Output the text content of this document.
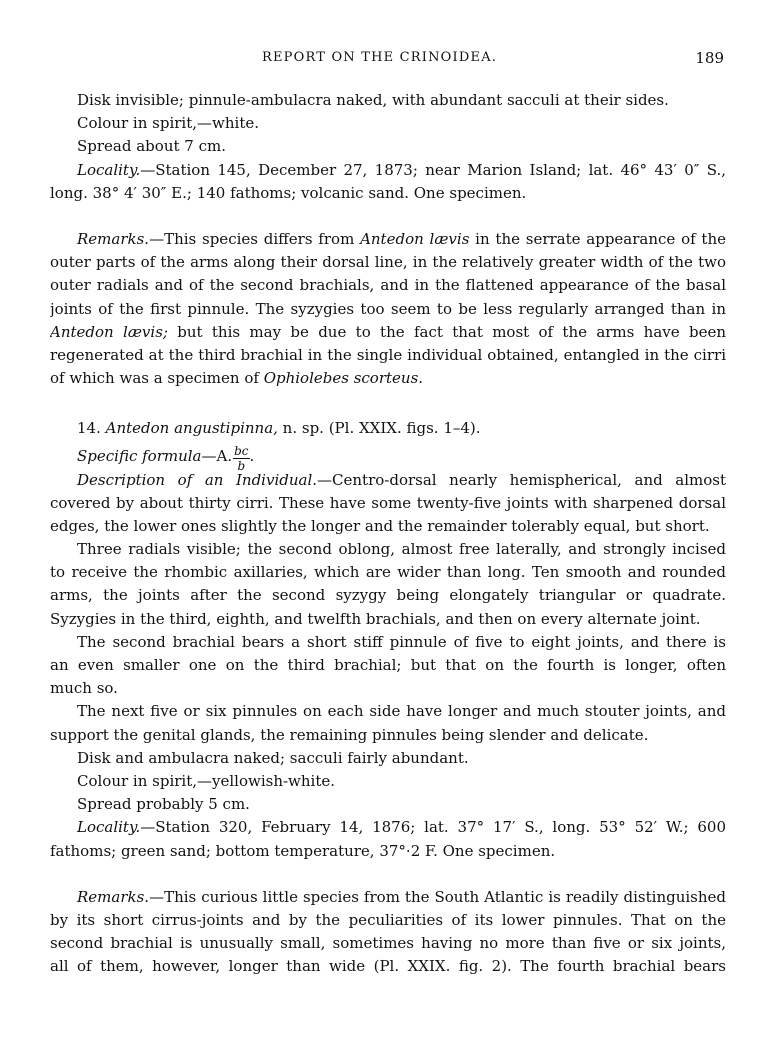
REPORT ON THE CRINOIDEA.	189
Disk invisible; pinnule-ambulacra naked, with abundant sacculi at their sides.
Colour in spirit,—white.
Spread about 7 cm.
Locality.—Station 145, December 27, 1873; near Marion Island; lat. 46° 43′ 0″ S.,
long. 38° 4′ 30″ E.; 140 fathoms; volcanic sand. One specimen.
Remarks.—This species differs from Antedon lævis in the serrate appearance of the
outer parts of the arms along their dorsal line, in the relatively greater width of the two
outer radials and of the second brachials, and in the flattened appearance of the basal
joints of the first pinnule. The syzygies too seem to be less regularly arranged than in
Antedon lævis; but this may be due to the fact that most of the arms have been
regenerated at the third brachial in the single individual obtained, entangled in the cirri
of which was a specimen of Ophiolebes scorteus.
14. Antedon angustipinna, n. sp. (Pl. XXIX. figs. 1–4).
Specific formula—A. $\frac{bc}{b}$ .
Description of an Individual.—Centro-dorsal nearly hemispherical, and almost
covered by about thirty cirri. These have some twenty-five joints with sharpened dorsal
edges, the lower ones slightly the longer and the remainder tolerably equal, but short.
Three radials visible; the second oblong, almost free laterally, and strongly incised
to receive the rhombic axillaries, which are wider than long. Ten smooth and rounded
arms, the joints after the second syzygy being elongately triangular or quadrate.
Syzygies in the third, eighth, and twelfth brachials, and then on every alternate joint.
The second brachial bears a short stiff pinnule of five to eight joints, and there is
an even smaller one on the third brachial; but that on the fourth is longer, often
much so.
The next five or six pinnules on each side have longer and much stouter joints, and
support the genital glands, the remaining pinnules being slender and delicate.
Disk and ambulacra naked; sacculi fairly abundant.
Colour in spirit,—yellowish-white.
Spread probably 5 cm.
Locality.—Station 320, February 14, 1876; lat. 37° 17′ S., long. 53° 52′ W.; 600
fathoms; green sand; bottom temperature, 37°·2 F. One specimen.
Remarks.—This curious little species from the South Atlantic is readily distinguished
by its short cirrus-joints and by the peculiarities of its lower pinnules. That on the
second brachial is unusually small, sometimes having no more than five or six joints,
all of them, however, longer than wide (Pl. XXIX. fig. 2). The fourth brachial bears
